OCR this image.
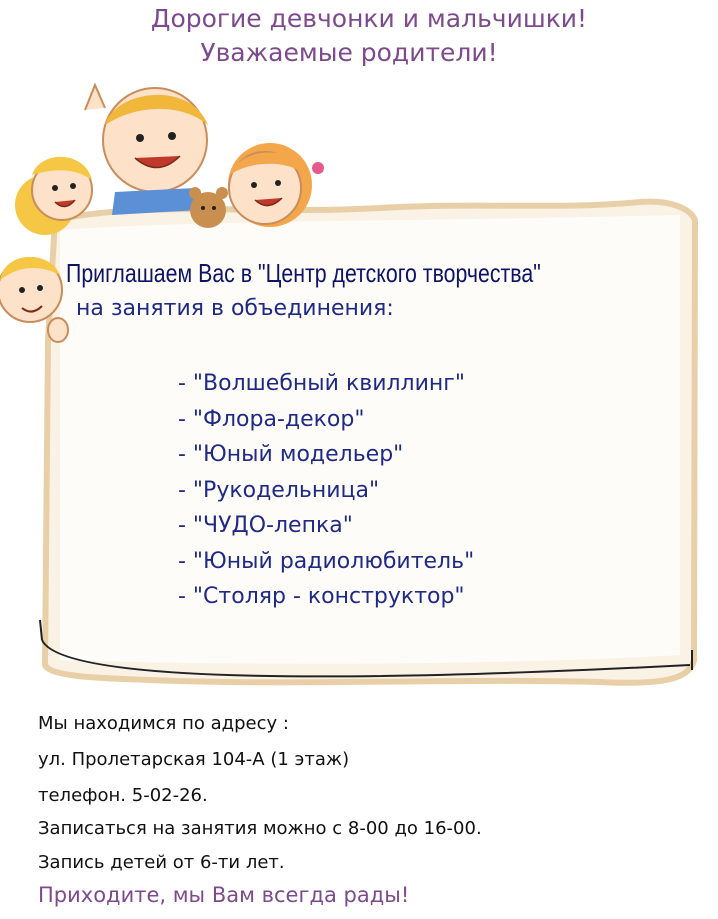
Дорогие девчонки и мальчишки!
Уважаемые родители!
Приглашаем Вас в "Центр детского творчества"
на занятия в объединения:
- "Волшебный квиллинг"
- "Флора-декор"
- "Юный модельер"
- "Рукодельница"
- "ЧУДО-лепка"
- "Юный радиолюбитель"
- "Столяр - конструктор"
Мы находимся по адресу :
ул. Пролетарская 104-А (1 этаж)
телефон. 5-02-26.
Записаться на занятия можно с 8-00 до 16-00.
Запись детей от 6-ти лет.
Приходите, мы Вам всегда рады!
